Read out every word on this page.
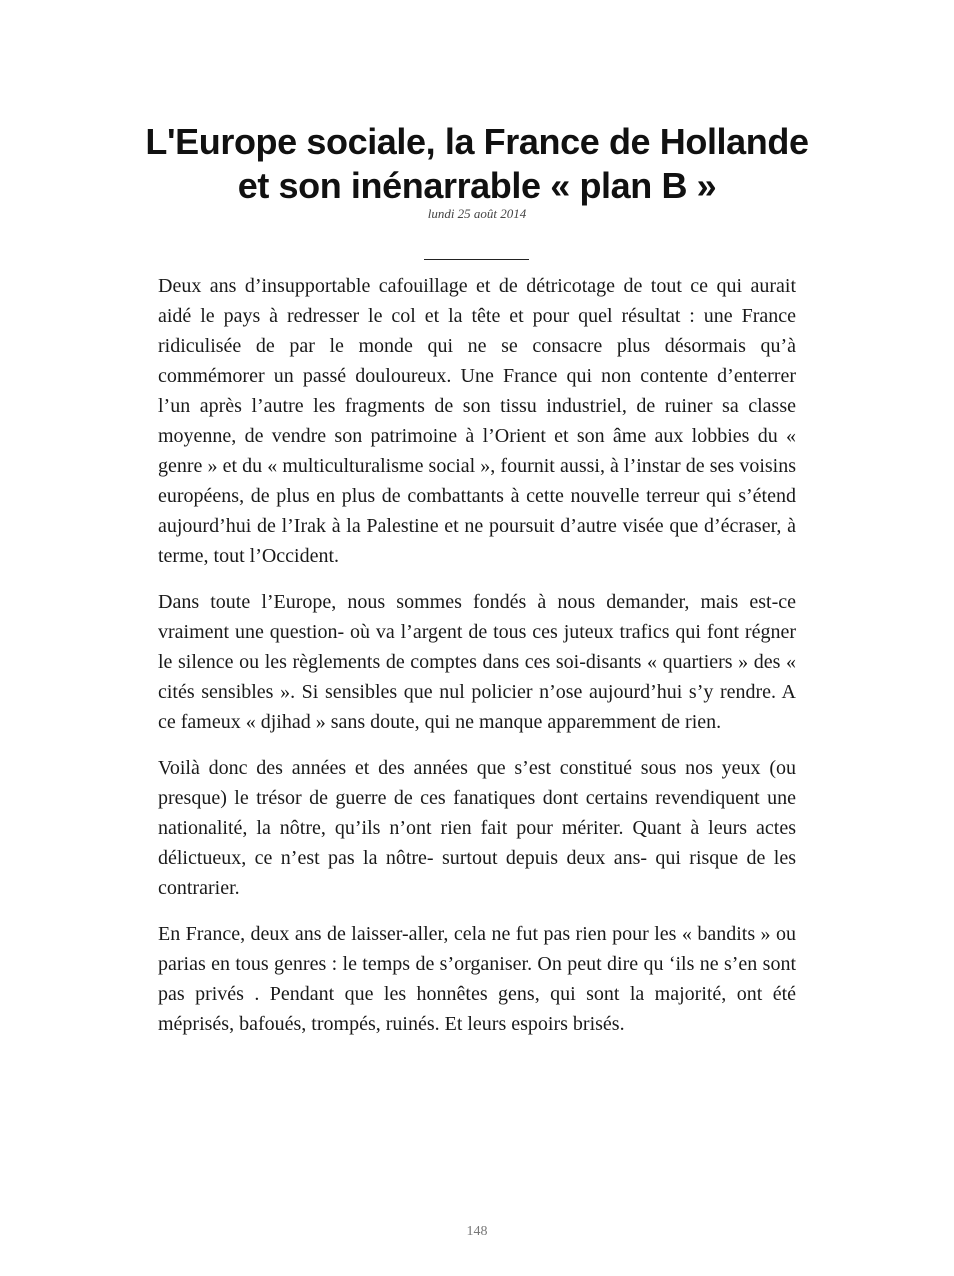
L'Europe sociale, la France de Hollande
et son inénarrable « plan B »
lundi 25 août 2014

Deux ans d’insupportable cafouillage et de détricotage de tout ce qui aurait aidé le pays à redresser le col et la tête et pour quel résultat : une France ridiculisée de par le monde qui ne se consacre plus désormais qu’à commémorer un passé douloureux. Une France qui non contente d’enterrer l’un après l’autre les fragments de son tissu industriel, de ruiner sa classe moyenne, de vendre son patrimoine à l’Orient et son âme aux lobbies du « genre » et du « multiculturalisme social », fournit aussi, à l’instar de ses voisins européens, de plus en plus de combattants à cette nouvelle terreur qui s’étend aujourd’hui de l’Irak à la Palestine et ne poursuit d’autre visée que d’écraser, à terme, tout l’Occident.

Dans toute l’Europe, nous sommes fondés à nous demander, mais est-ce vraiment une question- où va l’argent de tous ces juteux trafics qui font régner le silence ou les règlements de comptes dans ces soi-disants « quartiers » des « cités sensibles ». Si sensibles que nul policier n’ose aujourd’hui s’y rendre. A ce fameux « djihad » sans doute, qui ne manque apparemment de rien.

Voilà donc des années et des années que s’est constitué sous nos yeux (ou presque) le trésor de guerre de ces fanatiques dont certains revendiquent une nationalité, la nôtre, qu’ils n’ont rien fait pour mériter. Quant à leurs actes délictueux, ce n’est pas la nôtre- surtout depuis deux ans- qui risque de les contrarier.

En France, deux ans de laisser-aller, cela ne fut pas rien pour les « bandits » ou parias en tous genres : le temps de s’organiser. On peut dire qu ‘ils ne s’en sont pas privés . Pendant que les honnêtes gens, qui sont la majorité, ont été méprisés, bafoués, trompés, ruinés. Et leurs espoirs brisés.

148
